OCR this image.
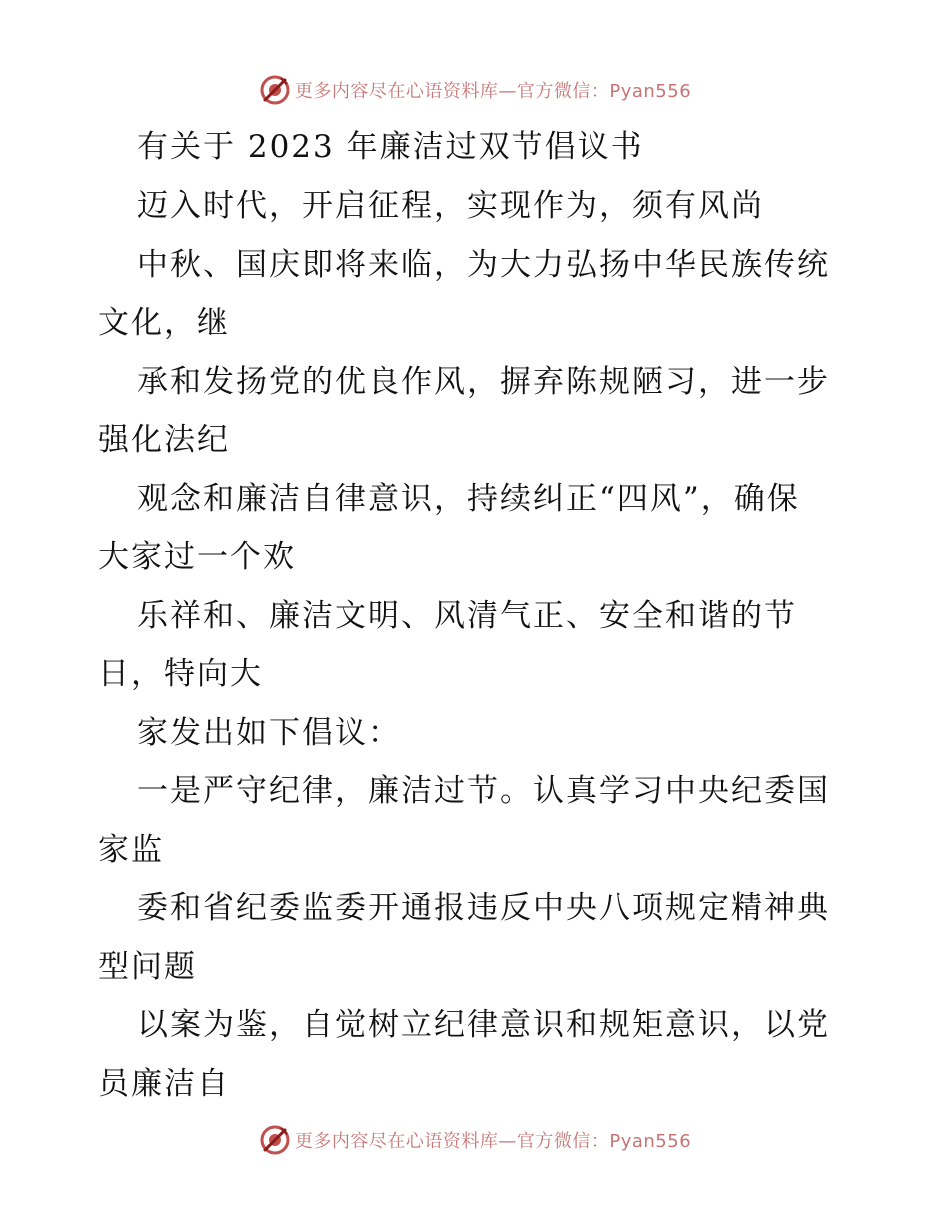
更多内容尽在心语资料库—官方微信：Pyan556
有关于 2023 年廉洁过双节倡议书
迈入时代，开启征程，实现作为，须有风尚
中秋、国庆即将来临，为大力弘扬中华民族传统
文化，继
承和发扬党的优良作风，摒弃陈规陋习，进一步
强化法纪
观念和廉洁自律意识，持续纠正“四风”，确保
大家过一个欢
乐祥和、廉洁文明、风清气正、安全和谐的节
日，特向大
家发出如下倡议：
一是严守纪律，廉洁过节。认真学习中央纪委国
家监
委和省纪委监委开通报违反中央八项规定精神典
型问题
以案为鉴，自觉树立纪律意识和规矩意识，以党
员廉洁自
更多内容尽在心语资料库—官方微信：Pyan556
